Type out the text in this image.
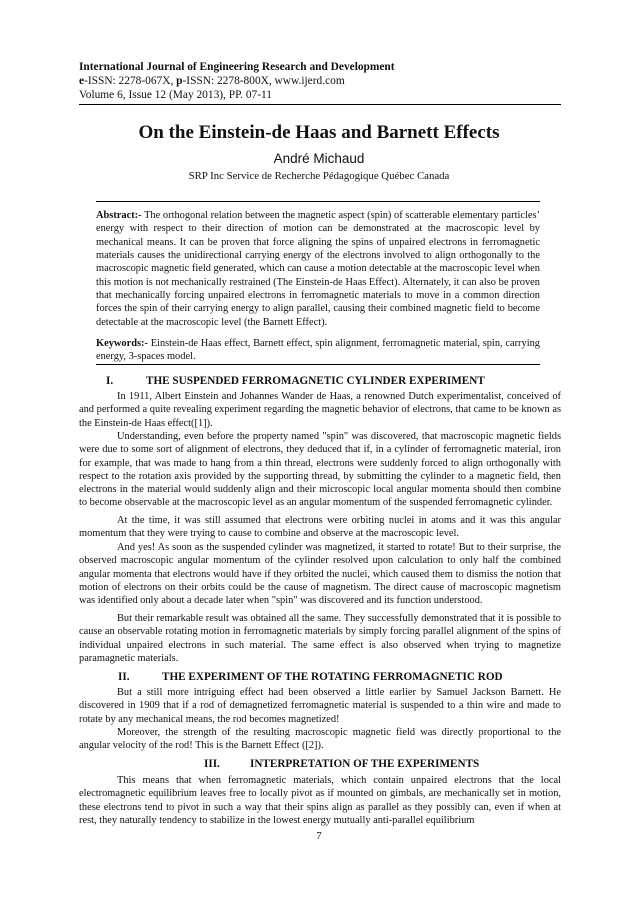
International Journal of Engineering Research and Development
e-ISSN: 2278-067X, p-ISSN: 2278-800X, www.ijerd.com
Volume 6, Issue 12 (May 2013), PP. 07-11
On the Einstein-de Haas and Barnett Effects
André Michaud
SRP Inc Service de Recherche Pédagogique Québec Canada
Abstract:- The orthogonal relation between the magnetic aspect (spin) of scatterable elementary particles’ energy with respect to their direction of motion can be demonstrated at the macroscopic level by mechanical means. It can be proven that force aligning the spins of unpaired electrons in ferromagnetic materials causes the unidirectional carrying energy of the electrons involved to align orthogonally to the macroscopic magnetic field generated, which can cause a motion detectable at the macroscopic level when this motion is not mechanically restrained (The Einstein-de Haas Effect). Alternately, it can also be proven that mechanically forcing unpaired electrons in ferromagnetic materials to move in a common direction forces the spin of their carrying energy to align parallel, causing their combined magnetic field to become detectable at the macroscopic level (the Barnett Effect).
Keywords:- Einstein-de Haas effect, Barnett effect, spin alignment, ferromagnetic material, spin, carrying energy, 3-spaces model.
I.	THE SUSPENDED FERROMAGNETIC CYLINDER EXPERIMENT

In 1911, Albert Einstein and Johannes Wander de Haas, a renowned Dutch experimentalist, conceived of and performed a quite revealing experiment regarding the magnetic behavior of electrons, that came to be known as the Einstein-de Haas effect([1]).

Understanding, even before the property named "spin" was discovered, that macroscopic magnetic fields were due to some sort of alignment of electrons, they deduced that if, in a cylinder of ferromagnetic material, iron for example, that was made to hang from a thin thread, electrons were suddenly forced to align orthogonally with respect to the rotation axis provided by the supporting thread, by submitting the cylinder to a magnetic field, then electrons in the material would suddenly align and their microscopic local angular momenta should then combine to become observable at the macroscopic level as an angular momentum of the suspended ferromagnetic cylinder.

At the time, it was still assumed that electrons were orbiting nuclei in atoms and it was this angular momentum that they were trying to cause to combine and observe at the macroscopic level.

And yes! As soon as the suspended cylinder was magnetized, it started to rotate! But to their surprise, the observed macroscopic angular momentum of the cylinder resolved upon calculation to only half the combined angular momenta that electrons would have if they orbited the nuclei, which caused them to dismiss the notion that motion of electrons on their orbits could be the cause of magnetism. The direct cause of macroscopic magnetism was identified only about a decade later when "spin" was discovered and its function understood.

But their remarkable result was obtained all the same. They successfully demonstrated that it is possible to cause an observable rotating motion in ferromagnetic materials by simply forcing parallel alignment of the spins of individual unpaired electrons in such material. The same effect is also observed when trying to magnetize paramagnetic materials.

II.	THE EXPERIMENT OF THE ROTATING FERROMAGNETIC ROD

But a still more intriguing effect had been observed a little earlier by Samuel Jackson Barnett. He discovered in 1909 that if a rod of demagnetized ferromagnetic material is suspended to a thin wire and made to rotate by any mechanical means, the rod becomes magnetized!

Moreover, the strength of the resulting macroscopic magnetic field was directly proportional to the angular velocity of the rod! This is the Barnett Effect ([2]).

III.	INTERPRETATION OF THE EXPERIMENTS

This means that when ferromagnetic materials, which contain unpaired electrons that the local electromagnetic equilibrium leaves free to locally pivot as if mounted on gimbals, are mechanically set in motion, these electrons tend to pivot in such a way that their spins align as parallel as they possibly can, even if when at rest, they naturally tendency to stabilize in the lowest energy mutually anti-parallel equilibrium

7
